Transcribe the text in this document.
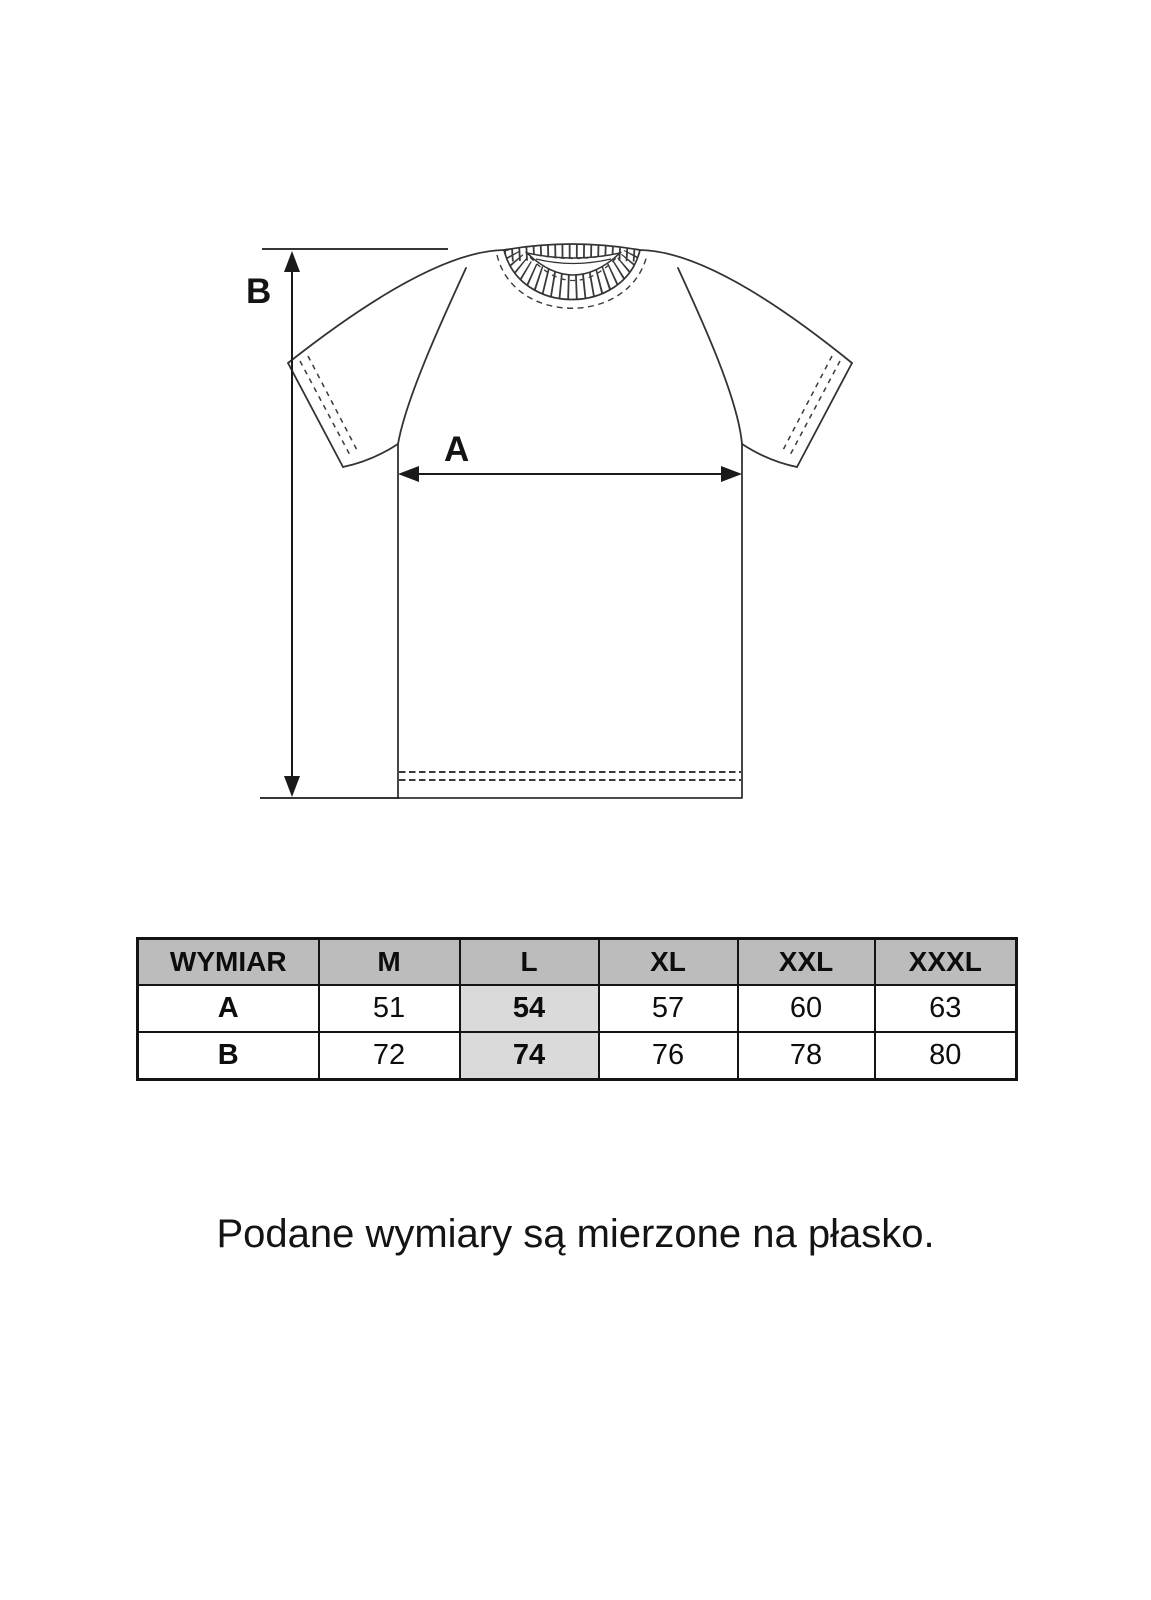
B
A
WYMIAR	M	L	XL	XXL	XXXL
A	51	54	57	60	63
B	72	74	76	78	80
Podane wymiary są mierzone na płasko.
